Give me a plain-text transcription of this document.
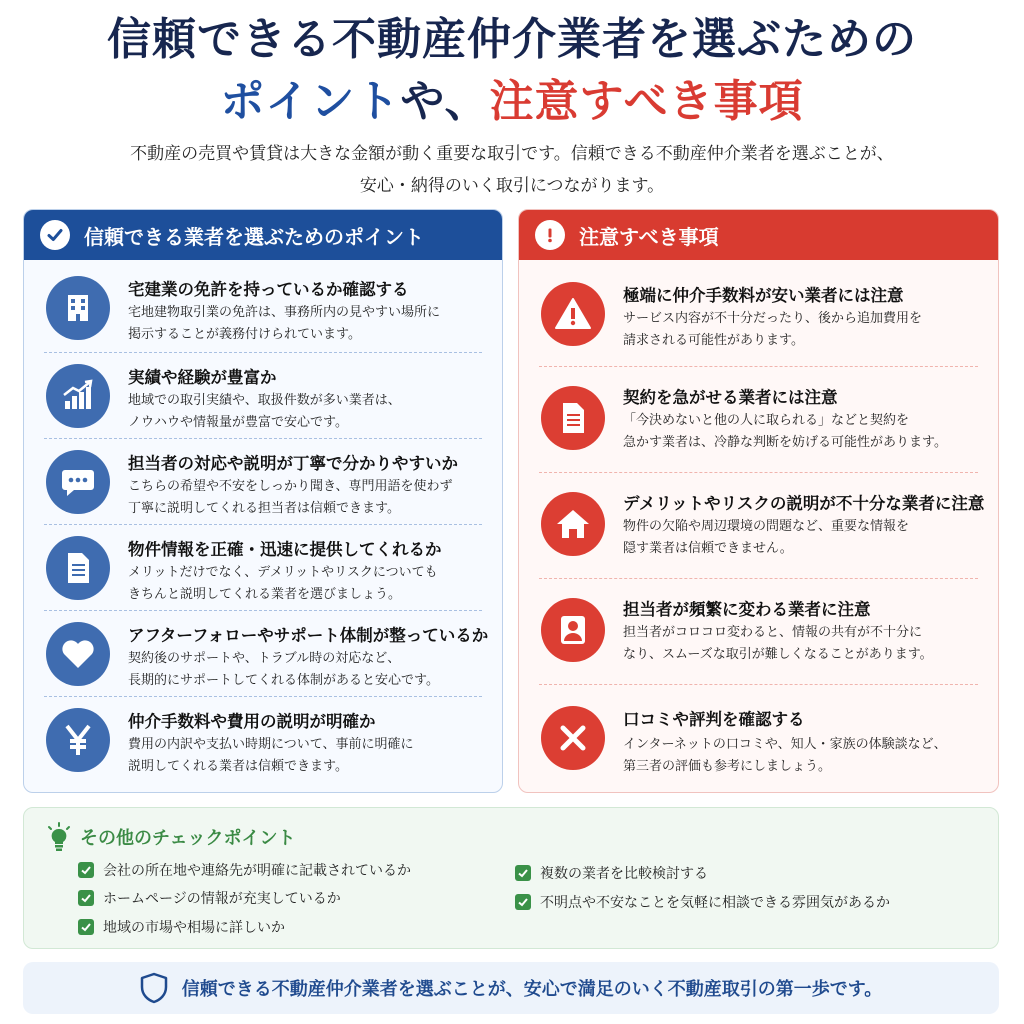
信頼できる不動産仲介業者を選ぶための
ポイントや、注意すべき事項
不動産の売買や賃貸は大きな金額が動く重要な取引です。信頼できる不動産仲介業者を選ぶことが、
安心・納得のいく取引につながります。
信頼できる業者を選ぶためのポイント
宅建業の免許を持っているか確認する
宅地建物取引業の免許は、事務所内の見やすい場所に
掲示することが義務付けられています。
実績や経験が豊富か
地域での取引実績や、取扱件数が多い業者は、
ノウハウや情報量が豊富で安心です。
担当者の対応や説明が丁寧で分かりやすいか
こちらの希望や不安をしっかり聞き、専門用語を使わず
丁寧に説明してくれる担当者は信頼できます。
物件情報を正確・迅速に提供してくれるか
メリットだけでなく、デメリットやリスクについても
きちんと説明してくれる業者を選びましょう。
アフターフォローやサポート体制が整っているか
契約後のサポートや、トラブル時の対応など、
長期的にサポートしてくれる体制があると安心です。
仲介手数料や費用の説明が明確か
費用の内訳や支払い時期について、事前に明確に
説明してくれる業者は信頼できます。
注意すべき事項
極端に仲介手数料が安い業者には注意
サービス内容が不十分だったり、後から追加費用を
請求される可能性があります。
契約を急がせる業者には注意
「今決めないと他の人に取られる」などと契約を
急かす業者は、冷静な判断を妨げる可能性があります。
デメリットやリスクの説明が不十分な業者に注意
物件の欠陥や周辺環境の問題など、重要な情報を
隠す業者は信頼できません。
担当者が頻繁に変わる業者に注意
担当者がコロコロ変わると、情報の共有が不十分に
なり、スムーズな取引が難しくなることがあります。
口コミや評判を確認する
インターネットの口コミや、知人・家族の体験談など、
第三者の評価も参考にしましょう。
その他のチェックポイント
会社の所在地や連絡先が明確に記載されているか
ホームページの情報が充実しているか
地域の市場や相場に詳しいか
複数の業者を比較検討する
不明点や不安なことを気軽に相談できる雰囲気があるか
信頼できる不動産仲介業者を選ぶことが、安心で満足のいく不動産取引の第一歩です。
